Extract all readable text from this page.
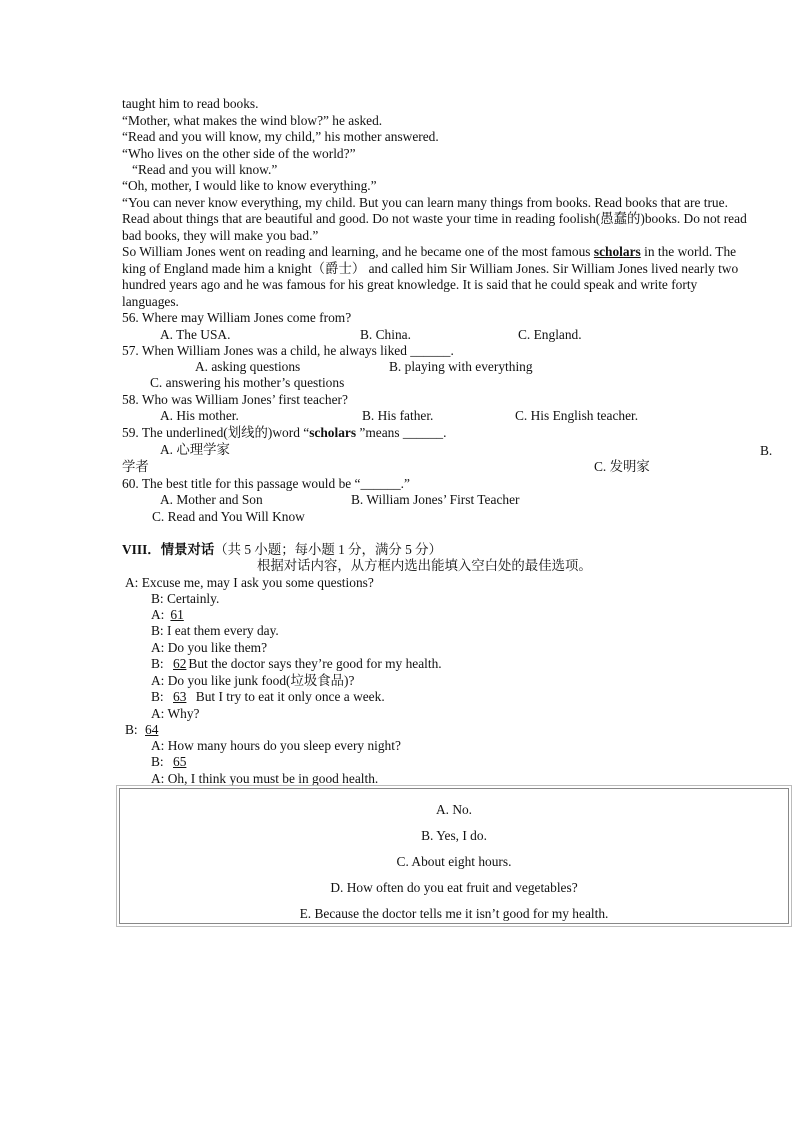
taught him to read books.
“Mother, what makes the wind blow?” he asked.
“Read and you will know, my child,” his mother answered.
“Who lives on the other side of the world?”
“Read and you will know.”
“Oh, mother, I would like to know everything.”
“You can never know everything, my child. But you can learn many things from books. Read books that are true.
Read about things that are beautiful and good. Do not waste your time in reading foolish(愚蠢的)books. Do not read
bad books, they will make you bad.”
So William Jones went on reading and learning, and he became one of the most famous scholars in the world. The
king of England made him a knight（爵士） and called him Sir William Jones. Sir William Jones lived nearly two
hundred years ago and he was famous for his great knowledge. It is said that he could speak and write forty
languages.
56. Where may William Jones come from?
A. The USA.	B. China.	C. England.
57. When William Jones was a child, he always liked ______.
A. asking questions	B. playing with everything
C. answering his mother’s questions
58. Who was William Jones’ first teacher?
A. His mother.	B. His father.	C. His English teacher.
59. The underlined(划线的)word “scholars ”means ______.
A. 心理学家	B.
学者	C. 发明家
60. The best title for this passage would be “______.”
A. Mother and Son	B. William Jones’ First Teacher
C. Read and You Will Know
VIII．情景对话（共 5 小题；每小题 1 分，满分 5 分）
根据对话内容，从方框内选出能填入空白处的最佳选项。
A: Excuse me, may I ask you some questions?
B: Certainly.
A: 61
B: I eat them every day.
A: Do you like them?
B: 62 But the doctor says they’re good for my health.
A: Do you like junk food(垃圾食品)?
B: 63 But I try to eat it only once a week.
A: Why?
B: 64
A: How many hours do you sleep every night?
B: 65
A: Oh, I think you must be in good health.
A. No.
B. Yes, I do.
C. About eight hours.
D. How often do you eat fruit and vegetables?
E. Because the doctor tells me it isn’t good for my health.
